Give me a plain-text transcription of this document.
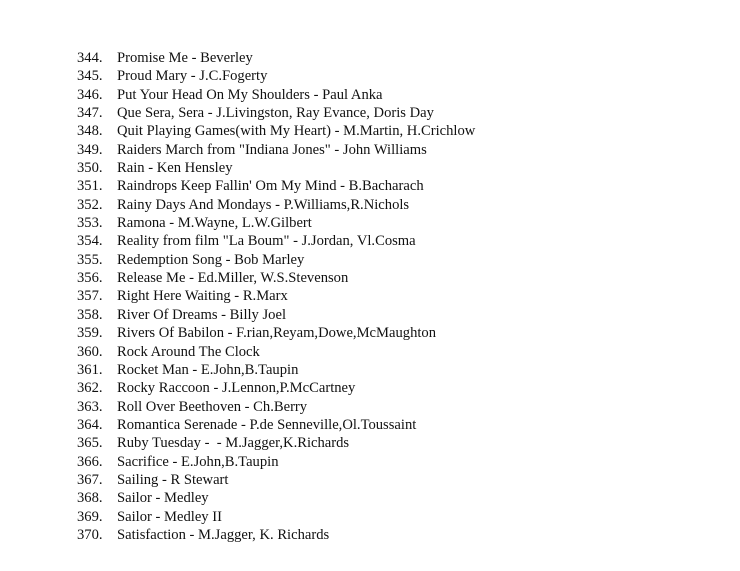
344. Promise Me - Beverley
345. Proud Mary - J.C.Fogerty
346. Put Your Head On My Shoulders - Paul Anka
347. Que Sera, Sera - J.Livingston, Ray Evance, Doris Day
348. Quit Playing Games(with My Heart) - M.Martin, H.Crichlow
349. Raiders March from "Indiana Jones" - John Williams
350. Rain - Ken Hensley
351. Raindrops Keep Fallin' Om My Mind - B.Bacharach
352. Rainy Days And Mondays - P.Williams,R.Nichols
353. Ramona - M.Wayne, L.W.Gilbert
354. Reality from film "La Boum" - J.Jordan, Vl.Cosma
355. Redemption Song - Bob Marley
356. Release Me - Ed.Miller, W.S.Stevenson
357. Right Here Waiting - R.Marx
358. River Of Dreams - Billy Joel
359. Rivers Of Babilon - F.rian,Reyam,Dowe,McMaughton
360. Rock Around The Clock
361. Rocket Man - E.John,B.Taupin
362. Rocky Raccoon - J.Lennon,P.McCartney
363. Roll Over Beethoven - Ch.Berry
364. Romantica Serenade - P.de Senneville,Ol.Toussaint
365. Ruby Tuesday -  - M.Jagger,K.Richards
366. Sacrifice - E.John,B.Taupin
367. Sailing - R Stewart
368. Sailor - Medley
369. Sailor - Medley II
370. Satisfaction - M.Jagger, K. Richards
